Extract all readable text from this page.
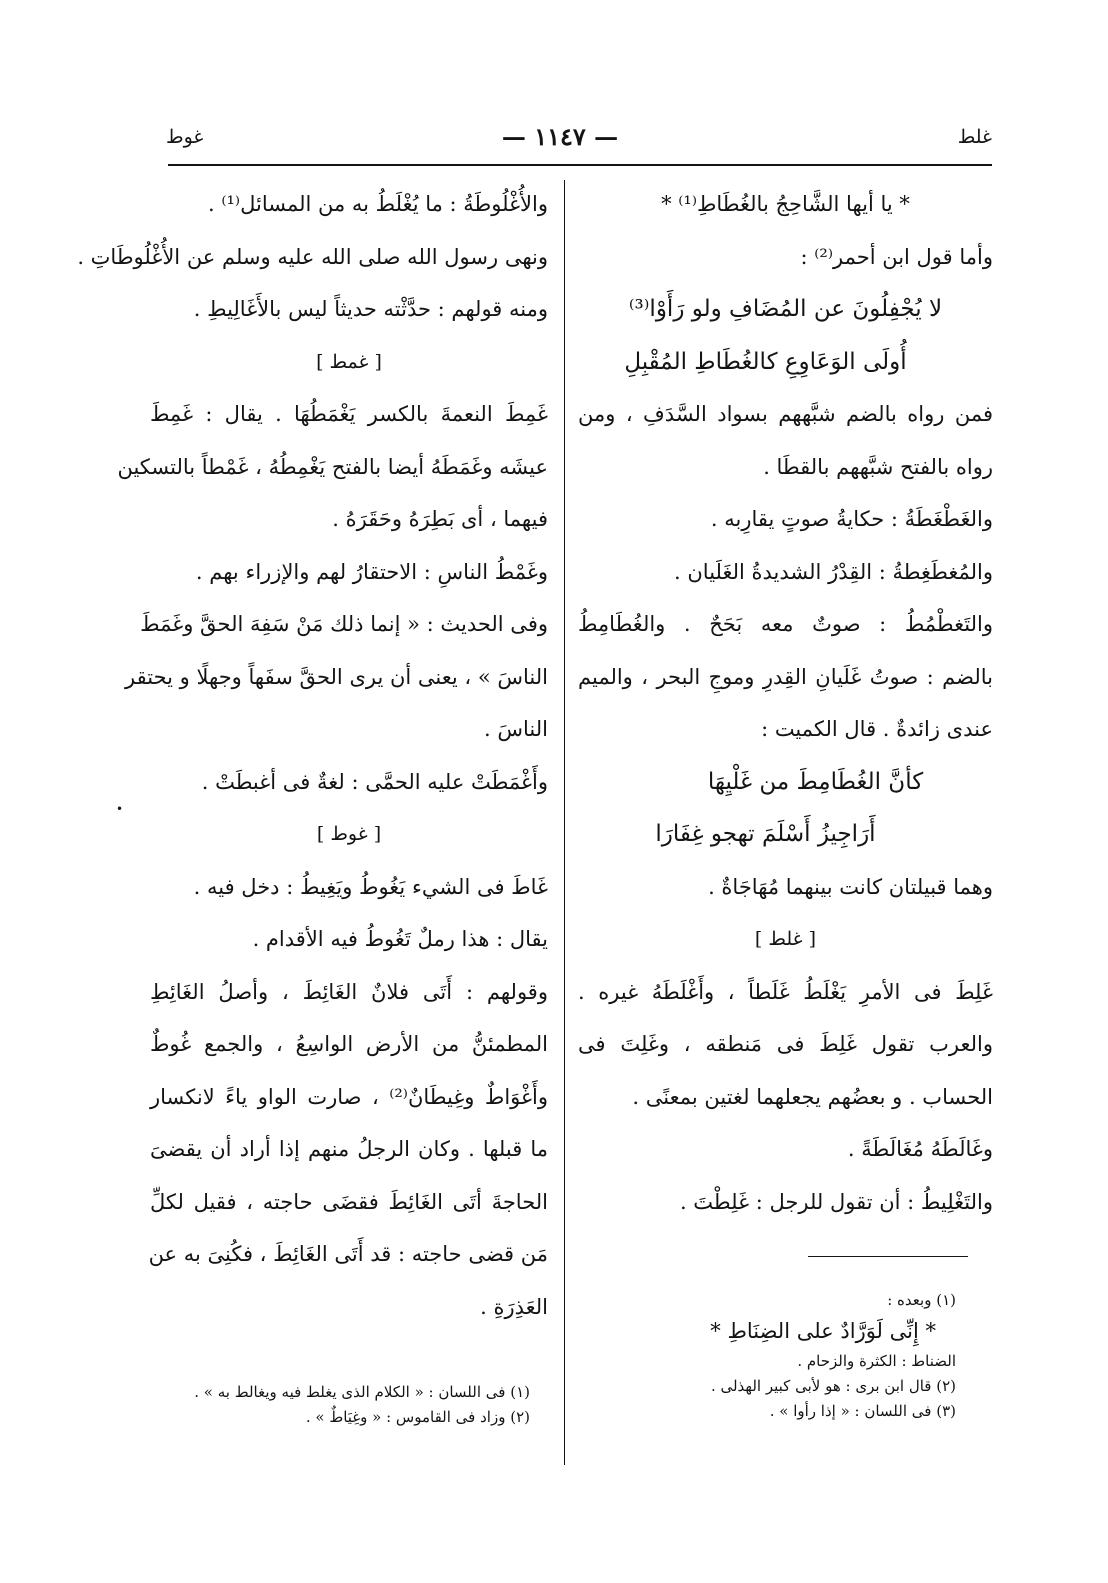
غلط
— ١١٤٧ —
غوط
* يا أيها الشَّاحِجُ بالغُطَاطِ⁽¹⁾ *
وأما قول ابن أحمر⁽²⁾ :
لا يُجْفِلُونَ عن المُضَافِ ولو رَأَوْا⁽³⁾
أُولَى الوَعَاوِعِ كالغُطَاطِ المُقْبِلِ
فمن رواه بالضم شبَّههم بسواد السَّدَفِ ، ومن
رواه بالفتح شبَّههم بالقطَا .
والغَطْغَطَةُ : حكايةُ صوتٍ يقارِبه .
والمُغطَغِطةُ : القِدْرُ الشديدةُ الغَلَيان .
والتَغطْمُطُ : صوتٌ معه بَحَحٌ . والغُطَامِطُ
بالضم : صوتُ غَلَيانِ القِدرِ وموجِ البحر ، والميم
عندى زائدةٌ . قال الكميت :
كأنَّ الغُطَامِطَ من غَلْيِهَا
أَرَاجِيزُ أَسْلَمَ تهجو غِفَارَا
وهما قبيلتان كانت بينهما مُهَاجَاةٌ .
[ غلط ]
غَلِطَ فى الأمرِ يَغْلَطُ غَلَطاً ، وأَغْلَطَهُ غيره .
والعرب تقول غَلِطَ فى مَنطقه ، وغَلِتَ فى
الحساب . و بعضُهم يجعلهما لغتين بمعنًى .
وغَالَطَهُ مُغَالَطَةً .
والتَغْلِيطُ : أن تقول للرجل : غَلِطْتَ .
والأُغْلُوطَةُ : ما يُغْلَطُ به من المسائل⁽¹⁾ .
ونهى رسول الله صلى الله عليه وسلم عن الأُغْلُوطَاتِ .
ومنه قولهم : حدَّثْته حديثاً ليس بالأَغَالِيطِ .
[ غمط ]
غَمِطَ النعمةَ بالكسر يَغْمَطُهَا . يقال : غَمِطَ
عيشَه وغَمَطَهُ أيضا بالفتح يَغْمِطُهُ ، غَمْطاً بالتسكين
فيهما ، أى بَطِرَهُ وحَقَرَهُ .
وغَمْطُ الناسِ : الاحتقارُ لهم والإزراء بهم .
وفى الحديث : « إنما ذلك مَنْ سَفِهَ الحقَّ وغَمَطَ
الناسَ » ، يعنى أن يرى الحقَّ سفَهاً وجهلًا و يحتقر
الناسَ .
وأَغْمَطَتْ عليه الحمَّى : لغةٌ فى أغبطَتْ .
[ غوط ]
غَاطَ فى الشيء يَغُوطُ ويَغِيطُ : دخل فيه .
يقال : هذا رملٌ تَغُوطُ فيه الأقدام .
وقولهم : أَتَى فلانٌ الغَائِطَ ، وأصلُ الغَائِطِ
المطمئنُّ من الأرض الواسِعُ ، والجمع غُوطٌ
وأَغْوَاطٌ وغِيطَانٌ⁽²⁾ ، صارت الواو ياءً لانكسار
ما قبلها . وكان الرجلُ منهم إذا أراد أن يقضىَ
الحاجةَ أتَى الغَائِطَ فقضَى حاجته ، فقيل لكلِّ
مَن قضى حاجته : قد أَتَى الغَائِطَ ، فكُنِىَ به عن
العَذِرَةِ .	(١) وبعده :
* إِنِّى لَوَرَّادٌ على الضِنَاطِ *
الضناط : الكثرة والزحام .
(٢) قال ابن برى : هو لأبى كبير الهذلى .
(٣) فى اللسان : « إذا رأوا » .
(١) فى اللسان : « الكلام الذى يغلط فيه ويغالط به » .
(٢) وزاد فى القاموس : « وغِيَاطٌ » .
•
